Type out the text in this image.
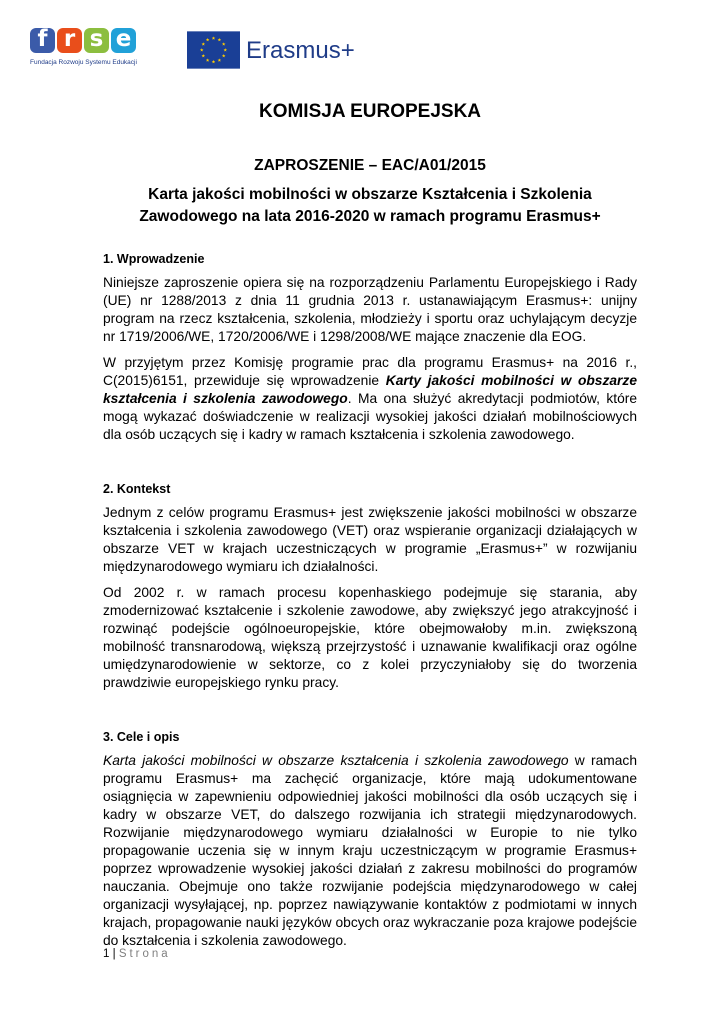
f r s e
Fundacja Rozwoju Systemu Edukacji	Erasmus+
KOMISJA EUROPEJSKA
ZAPROSZENIE – EAC/A01/2015
Karta jakości mobilności w obszarze Kształcenia i Szkolenia
Zawodowego na lata 2016-2020 w ramach programu Erasmus+
1. Wprowadzenie

Niniejsze zaproszenie opiera się na rozporządzeniu Parlamentu Europejskiego i Rady (UE) nr 1288/2013 z dnia 11 grudnia 2013 r. ustanawiającym Erasmus+: unijny program na rzecz kształcenia, szkolenia, młodzieży i sportu oraz uchylającym decyzje nr 1719/2006/WE, 1720/2006/WE i 1298/2008/WE mające znaczenie dla EOG.

W przyjętym przez Komisję programie prac dla programu Erasmus+ na 2016 r., C(2015)6151, przewiduje się wprowadzenie Karty jakości mobilności w obszarze kształcenia i szkolenia zawodowego. Ma ona służyć akredytacji podmiotów, które mogą wykazać doświadczenie w realizacji wysokiej jakości działań mobilnościowych dla osób uczących się i kadry w ramach kształcenia i szkolenia zawodowego.

2. Kontekst

Jednym z celów programu Erasmus+ jest zwiększenie jakości mobilności w obszarze kształcenia i szkolenia zawodowego (VET) oraz wspieranie organizacji działających w obszarze VET w krajach uczestniczących w programie „Erasmus+” w rozwijaniu międzynarodowego wymiaru ich działalności.

Od 2002 r. w ramach procesu kopenhaskiego podejmuje się starania, aby zmodernizować kształcenie i szkolenie zawodowe, aby zwiększyć jego atrakcyjność i rozwinąć podejście ogólnoeuropejskie, które obejmowałoby m.in. zwiększoną mobilność transnarodową, większą przejrzystość i uznawanie kwalifikacji oraz ogólne umiędzynarodowienie w sektorze, co z kolei przyczyniałoby się do tworzenia prawdziwie europejskiego rynku pracy.

3. Cele i opis

Karta jakości mobilności w obszarze kształcenia i szkolenia zawodowego w ramach programu Erasmus+ ma zachęcić organizacje, które mają udokumentowane osiągnięcia w zapewnieniu odpowiedniej jakości mobilności dla osób uczących się i kadry w obszarze VET, do dalszego rozwijania ich strategii międzynarodowych. Rozwijanie międzynarodowego wymiaru działalności w Europie to nie tylko propagowanie uczenia się w innym kraju uczestniczącym w programie Erasmus+ poprzez wprowadzenie wysokiej jakości działań z zakresu mobilności do programów nauczania. Obejmuje ono także rozwijanie podejścia międzynarodowego w całej organizacji wysyłającej, np. poprzez nawiązywanie kontaktów z podmiotami w innych krajach, propagowanie nauki języków obcych oraz wykraczanie poza krajowe podejście do kształcenia i szkolenia zawodowego.

1 | Strona
